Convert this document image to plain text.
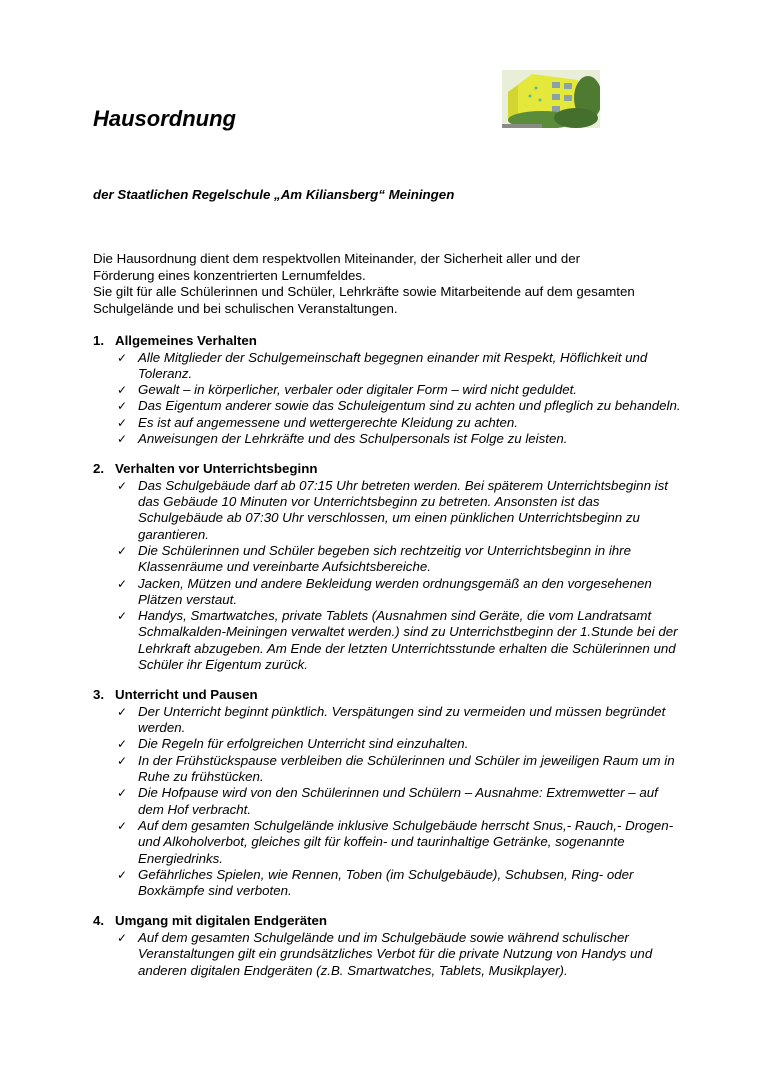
Hausordnung

der Staatlichen Regelschule „Am Kiliansberg“ Meiningen

Die Hausordnung dient dem respektvollen Miteinander, der Sicherheit aller und der
Förderung eines konzentrierten Lernumfeldes.
Sie gilt für alle Schülerinnen und Schüler, Lehrkräfte sowie Mitarbeitende auf dem gesamten
Schulgelände und bei schulischen Veranstaltungen.
1. Allgemeines Verhalten
✓ Alle Mitglieder der Schulgemeinschaft begegnen einander mit Respekt, Höflichkeit und Toleranz.
✓ Gewalt – in körperlicher, verbaler oder digitaler Form – wird nicht geduldet.
✓ Das Eigentum anderer sowie das Schuleigentum sind zu achten und pfleglich zu behandeln.
✓ Es ist auf angemessene und wettergerechte Kleidung zu achten.
✓ Anweisungen der Lehrkräfte und des Schulpersonals ist Folge zu leisten.
2. Verhalten vor Unterrichtsbeginn
✓ Das Schulgebäude darf ab 07:15 Uhr betreten werden. Bei späterem Unterrichtsbeginn ist das Gebäude 10 Minuten vor Unterrichtsbeginn zu betreten. Ansonsten ist das Schulgebäude ab 07:30 Uhr verschlossen, um einen pünklichen Unterrichtsbeginn zu garantieren.
✓ Die Schülerinnen und Schüler begeben sich rechtzeitig vor Unterrichtsbeginn in ihre Klassenräume und vereinbarte Aufsichtsbereiche.
✓ Jacken, Mützen und andere Bekleidung werden ordnungsgemäß an den vorgesehenen Plätzen verstaut.
✓ Handys, Smartwatches, private Tablets (Ausnahmen sind Geräte, die vom Landratsamt Schmalkalden-Meiningen verwaltet werden.) sind zu Unterrichstbeginn der 1.Stunde bei der Lehrkraft abzugeben. Am Ende der letzten Unterrichtsstunde erhalten die Schülerinnen und Schüler ihr Eigentum zurück.
3. Unterricht und Pausen
✓ Der Unterricht beginnt pünktlich. Verspätungen sind zu vermeiden und müssen begründet werden.
✓ Die Regeln für erfolgreichen Unterricht sind einzuhalten.
✓ In der Frühstückspause verbleiben die Schülerinnen und Schüler im jeweiligen Raum um in Ruhe zu frühstücken.
✓ Die Hofpause wird von den Schülerinnen und Schülern – Ausnahme: Extremwetter – auf dem Hof verbracht.
✓ Auf dem gesamten Schulgelände inklusive Schulgebäude herrscht Snus,- Rauch,- Drogen- und Alkoholverbot, gleiches gilt für koffein- und taurinhaltige Getränke, sogenannte Energiedrinks.
✓ Gefährliches Spielen, wie Rennen, Toben (im Schulgebäude), Schubsen, Ring- oder Boxkämpfe sind verboten.
4. Umgang mit digitalen Endgeräten
✓ Auf dem gesamten Schulgelände und im Schulgebäude sowie während schulischer Veranstaltungen gilt ein grundsätzliches Verbot für die private Nutzung von Handys und anderen digitalen Endgeräten (z.B. Smartwatches, Tablets, Musikplayer).
